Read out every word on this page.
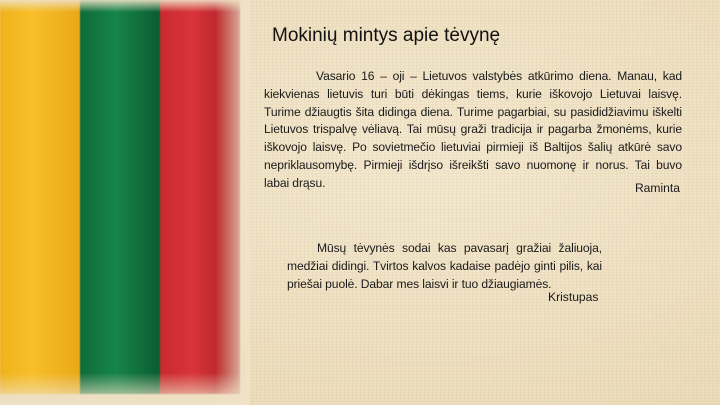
Mokinių mintys apie tėvynę
Vasario 16 – oji – Lietuvos valstybės atkūrimo diena. Manau, kad kiekvienas lietuvis turi būti dėkingas tiems, kurie iškovojo Lietuvai laisvę. Turime džiaugtis šita didinga diena. Turime pagarbiai, su pasididžiavimu iškelti Lietuvos trispalvę vėliavą. Tai mūsų graži tradicija ir pagarba žmonėms, kurie iškovojo laisvę. Po sovietmečio lietuviai pirmieji iš Baltijos šalių atkūrė savo nepriklausomybę. Pirmieji išdrįso išreikšti savo nuomonę ir norus. Tai buvo labai drąsu.	Raminta
Mūsų tėvynės sodai kas pavasarį gražiai žaliuoja, medžiai didingi. Tvirtos kalvos kadaise padėjo ginti pilis, kai priešai puolė. Dabar mes laisvi ir tuo džiaugiamės.
Kristupas
